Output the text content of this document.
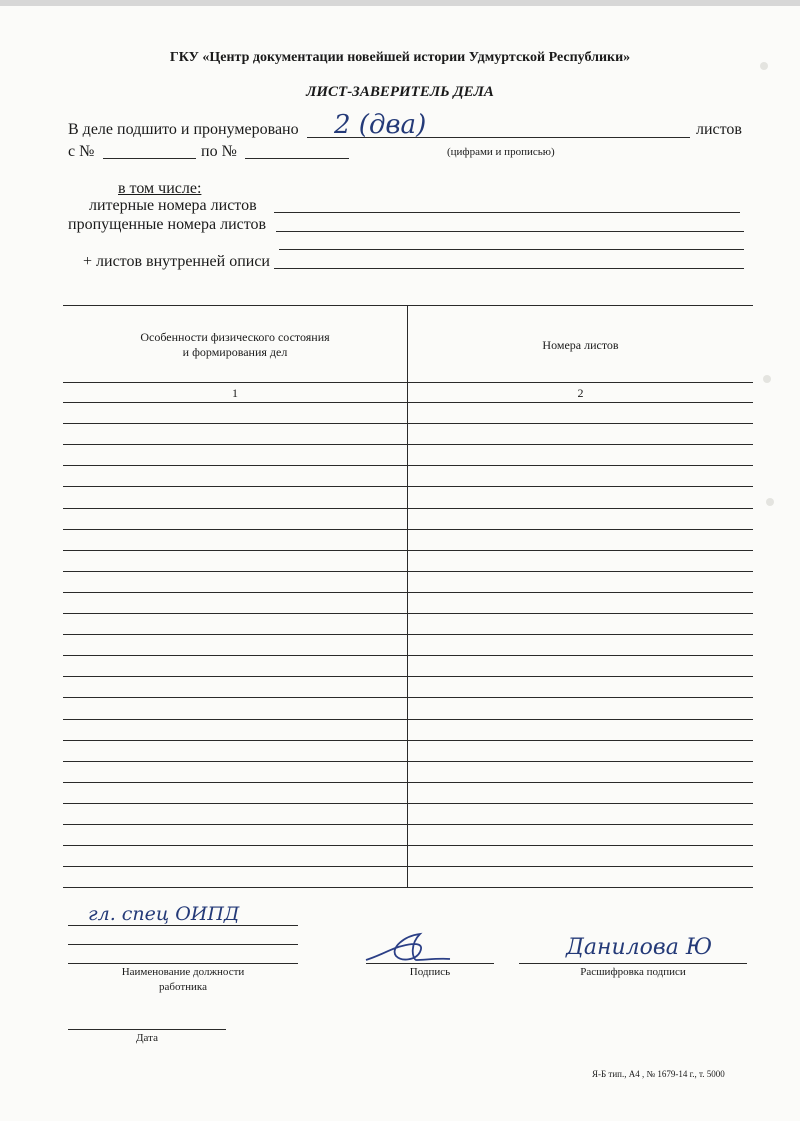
ГКУ «Центр документации новейшей истории Удмуртской Республики»
ЛИСТ-ЗАВЕРИТЕЛЬ ДЕЛА
В деле подшито и пронумеровано 2 (два)	листов
с №	по №	(цифрами и прописью)
в том числе:
литерные номера листов
пропущенные номера листов
+ листов внутренней описи
Особенности физического состояния
и формирования дел	Номера листов
1	2
гл. спец ОИПД
Наименование должности
работника
Подпись
Данилова Ю
Расшифровка подписи
Дата
Я-Б тип., А4 , № 1679-14 г., т. 5000
